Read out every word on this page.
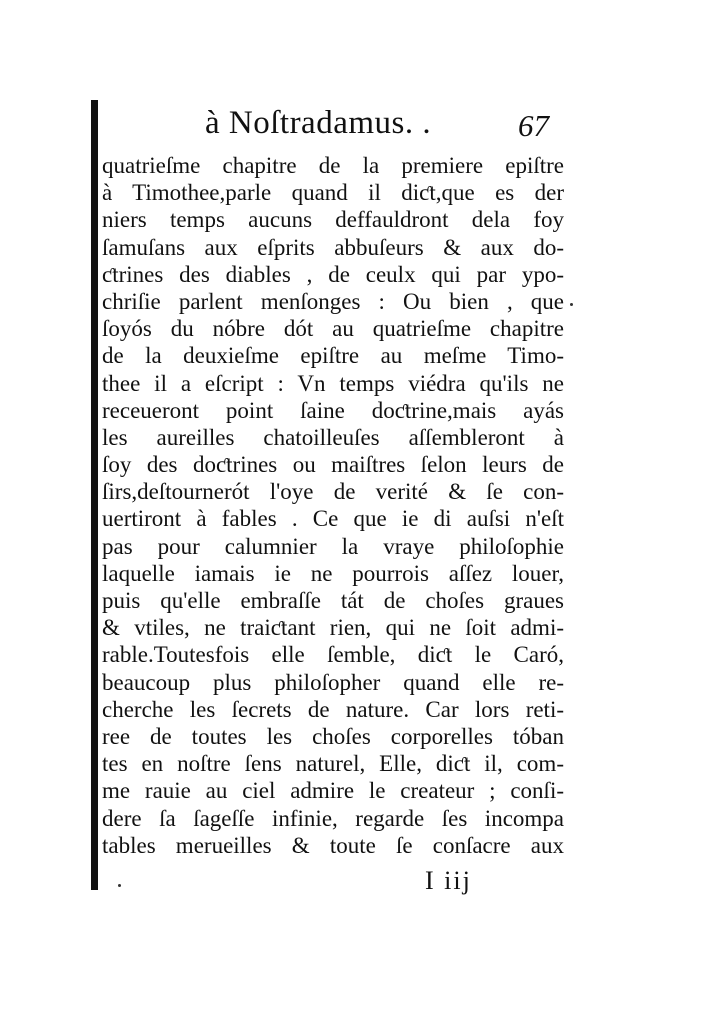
à Noſtradamus. .	67
quatrieſme chapitre de la premiere epiſtre
à Timothee,parle quand il diƈt,que es der
niers temps aucuns deffauldront dela foy
ſamuſans aux eſprits abbuſeurs & aux do-
ƈtrines des diables , de ceulx qui par ypo-
chriſie parlent menſonges : Ou bien , que
ſoyós du nóbre dót au quatrieſme chapitre
de la deuxieſme epiſtre au meſme Timo-
thee il a eſcript : Vn temps viédra qu'ils ne
receueront point ſaine doƈtrine,mais ayás
les aureilles chatoilleuſes aſſembleront à
ſoy des doƈtrines ou maiſtres ſelon leurs de
ſirs,deſtournerót l'oye de verité & ſe con-
uertiront à fables . Ce que ie di auſsi n'eſt
pas pour calumnier la vraye philoſophie
laquelle iamais ie ne pourrois aſſez louer,
puis qu'elle embraſſe tát de choſes graues
& vtiles, ne traiƈtant rien, qui ne ſoit admi-
rable.Toutesfois elle ſemble, diƈt le Caró,
beaucoup plus philoſopher quand elle re-
cherche les ſecrets de nature. Car lors reti-
ree de toutes les choſes corporelles tóban
tes en noſtre ſens naturel, Elle, diƈt il, com-
me rauie au ciel admire le createur ; conſi-
dere ſa ſageſſe infinie, regarde ſes incompa
tables merueilles & toute ſe conſacre aux
I iij
